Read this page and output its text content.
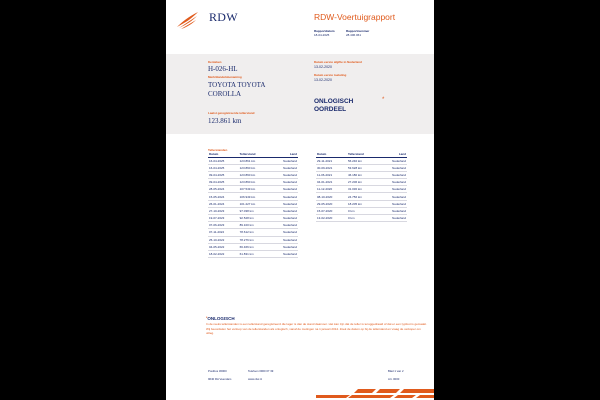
RDW	RDW-Voertuigrapport
Rapportdatum
18-04-2025
Rapportnummer
28.406.061
Kenteken
H-026-HL
Merk/Handelsbenaming
TOYOTA TOYOTA
COROLLA
Laatst geregistreerde tellerstand
123.861 km
Datum eerste afgifte in Nederland
13-02-2020
Datum eerste toelating
13-02-2020
ONLOGISCH
OORDEEL
*
Tellerstanden
Datum	Tellerstand	Land
16-04-2025	123.861 km	Nederland
16-04-2025	123.860 km	Nederland
09-04-2025	123.860 km	Nederland
09-04-2025	123.860 km	Nederland
28-05-2024	107.549 km	Nederland
15-05-2024	106.949 km	Nederland
26-01-2024	101.227 km	Nederland
27-10-2023	97.038 km	Nederland
19-07-2023	92.528 km	Nederland
07-06-2023	89.100 km	Nederland
07-11-2022	78.612 km	Nederland
25-10-2022	78.276 km	Nederland
04-05-2022	66.466 km	Nederland
18-02-2022	61.831 km	Nederland
Datum	Tellerstand	Land
29-11-2021	56.240 km	Nederland
30-09-2021	53.628 km	Nederland
11-06-2021	46.180 km	Nederland
04-01-2021	27.206 km	Nederland
11-12-2020	31.030 km	Nederland
08-10-2020	24.756 km	Nederland
29-05-2020	18.205 km	Nederland
15-07-2020	0 km	Nederland
13-02-2020	0 km	Nederland
*ONLOGISCH
In de reeks tellerstanden is een tellerstand geregistreerd die lager is dan de stand daarvoor. Het kan zijn dat de teller is teruggedraaid of dat er een typfout is gemaakt. Wij beoordelen het verloop van de tellerstanden als onlogisch, vanaf de metingen na 1 januari 2014. Zoek de datum op bij de tellerstand en vraag de verkoper om uitleg.
Postbus 30000
9640 RA Veendam
Telefoon 0900 07 39
www.rdw.nl
Blad 1 van 2
Art. 0000
